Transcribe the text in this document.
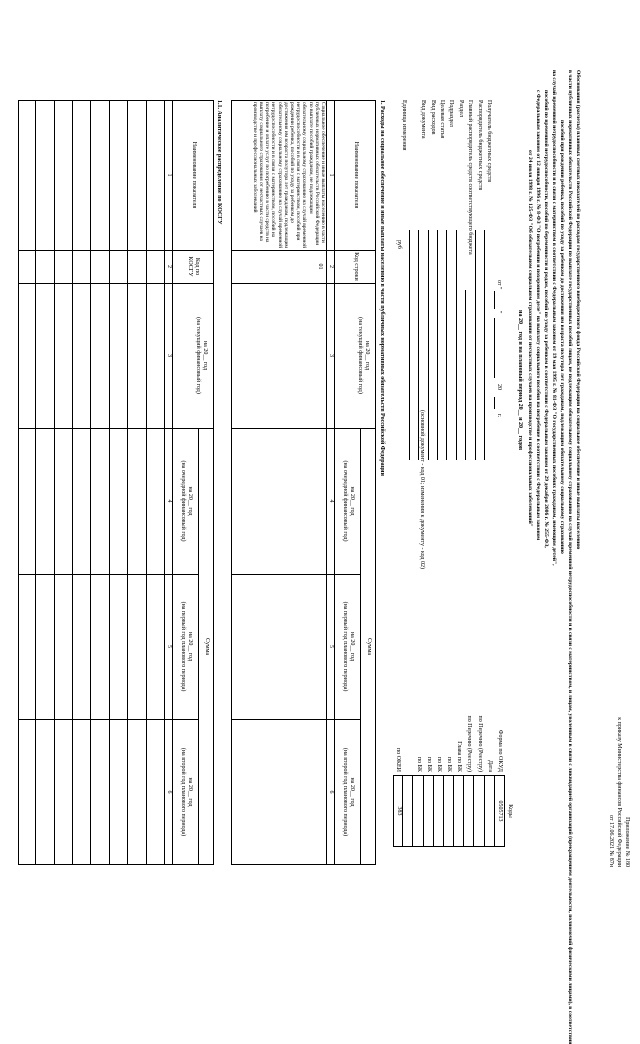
Приложение № 180
к приказу Министерства финансов Российской Федерации
от 17.06.2021 № 87н
Обоснования (расчеты) плановых сметных показателей по расходам государственного внебюджетного фонда Российской Федерации на социальное обеспечение и иные выплаты населению
в части публичных нормативных обязательств Российской Федерации по выплате государственных пособий лицам, не подлежащим обязательному социальному страхованию на случай временной нетрудоспособности и в связи с материнством, и лицам, уволенным в связи с ликвидацией организаций (прекращением деятельности, полномочий физическими лицами), в соответствии
пособий при рождении ребенка, пособий по уходу за ребенком до достижения им возраста полутора лет гражданам, подлежащим обязательному социальному страхованию
на случай временной нетрудоспособности и в связи с материнством в соответствии с Федеральным законом от 19 мая 1995 г. № 81-ФЗ "О государственных пособиях гражданам, имеющим детей",
пособий по временной нетрудоспособности, пособий по беременности и родам, пособий по уходу за ребенком в соответствии с Федеральным законом от 29 декабря 2006 г. № 255-ФЗ,
с Федеральным законом от 12 января 1996 г. № 8-ФЗ "О погребении и похоронном деле" на выплату социального пособия на погребение в соответствии с Федеральным законом
от 24 июля 1998 г. № 125-ФЗ "Об обязательном социальном страховании от несчастных случаев на производстве и профессиональных заболеваний"
на 20__ год и на плановый период 20__ и 20__ годов
от "
"
20
г.
Коды
Форма по ОКУД
0505713
Дата
по Перечню (Реестру)
по Перечню (Реестру)
Глава по БК
по БК
по БК
по БК
по БК
по ОКЕИ
383
Получатель бюджетных средств
Распорядитель бюджетных средств
Главный распорядитель средств соответствующего бюджета
Раздел
Подраздел
Целевая статья
Вид расходов
Вид документа
Единица измерения
(основной документ - код 01; изменения к документу - код 02)
руб
1. Расходы на социальное обеспечение и иные выплаты населению в части публичных нормативных обязательств Российской Федерации
Наименование показателя
Код строки
на 20__ год
(на текущий финансовый год)
Сумма
на 20__ год
(на очередной финансовый год)
на 20__ год
(на первый год планового периода)
на 20__ год
(на второй год планового периода)
1
2
3
4
5
6
Социальное обеспечение и иные выплаты населению в части публичных нормативных обязательств Российской Федерации по выплате пособий гражданам, не подлежащим обязательному социальному страхованию на случай временной нетрудоспособности и в связи с материнством, пособий при рождении ребенка, пособий по уходу за ребенком до достижения им возраста полутора лет гражданам, подлежащим обязательному социальному страхованию на случай временной нетрудоспособности и в связи с материнством, пособий на погребение и оплате услуг по погребению в части средств на выплату социального страхования от несчастных случаев на производстве и профессиональных заболеваний
01
1.1. Аналитическое распределение по КОСГУ
Наименование показателя
Код по КОСГУ
на 20__ год
(на текущий финансовый год)
Сумма
на 20__ год
(на очередной финансовый год)
на 20__ год
(на первый год планового периода)
на 20__ год
(на второй год планового периода)
1
2
3
4
5
6
